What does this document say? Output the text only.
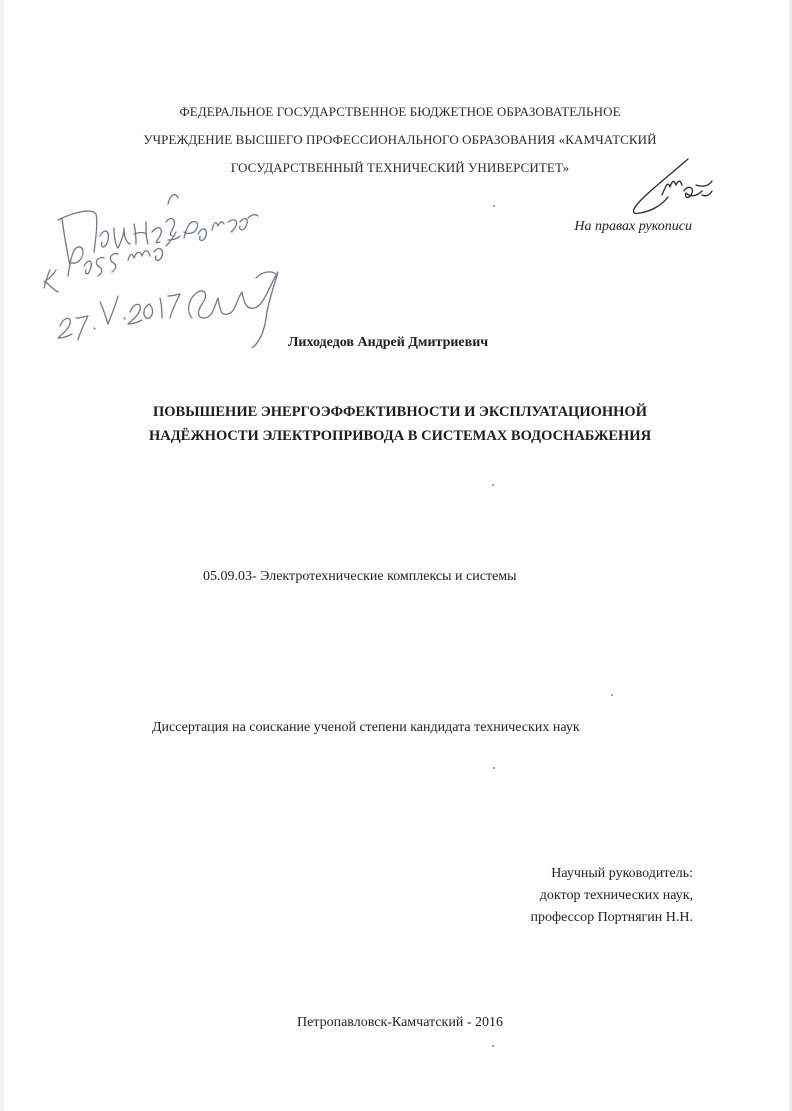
ФЕДЕРАЛЬНОЕ ГОСУДАРСТВЕННОЕ БЮДЖЕТНОЕ ОБРАЗОВАТЕЛЬНОЕ
УЧРЕЖДЕНИЕ ВЫСШЕГО ПРОФЕССИОНАЛЬНОГО ОБРАЗОВАНИЯ «КАМЧАТСКИЙ
ГОСУДАРСТВЕННЫЙ ТЕХНИЧЕСКИЙ УНИВЕРСИТЕТ»
На правах рукописи
Лиходедов Андрей Дмитриевич
ПОВЫШЕНИЕ ЭНЕРГОЭФФЕКТИВНОСТИ И ЭКСПЛУАТАЦИОННОЙ
НАДЁЖНОСТИ ЭЛЕКТРОПРИВОДА В СИСТЕМАХ ВОДОСНАБЖЕНИЯ
05.09.03- Электротехнические комплексы и системы
Диссертация на соискание ученой степени кандидата технических наук
Научный руководитель:
доктор технических наук,
профессор Портнягин Н.Н.
Петропавловск-Камчатский - 2016
